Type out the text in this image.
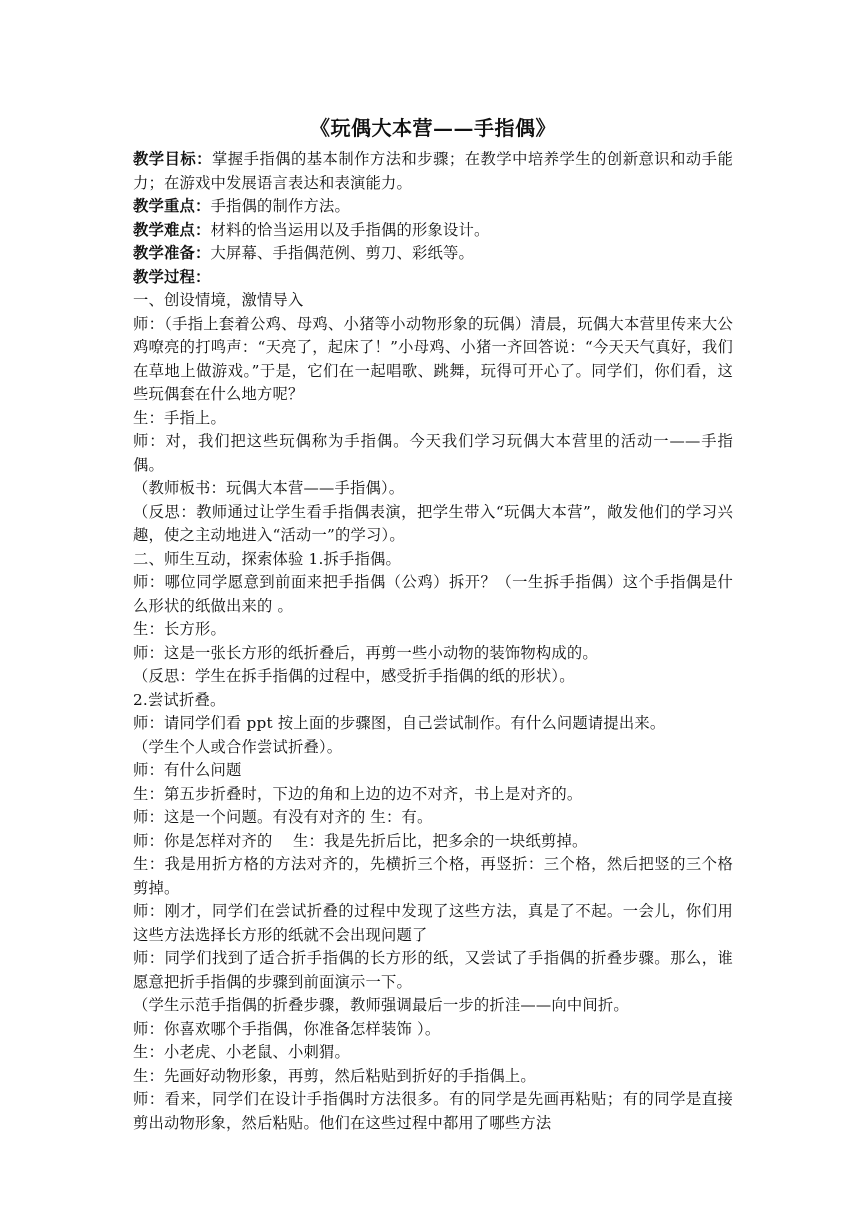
《玩偶大本营——手指偶》

教学目标：掌握手指偶的基本制作方法和步骤；在教学中培养学生的创新意识和动手能力；在游戏中发展语言表达和表演能力。

教学重点：手指偶的制作方法。

教学难点：材料的恰当运用以及手指偶的形象设计。

教学准备：大屏幕、手指偶范例、剪刀、彩纸等。

教学过程：

一、创设情境，激情导入

师：（手指上套着公鸡、母鸡、小猪等小动物形象的玩偶）清晨，玩偶大本营里传来大公鸡嘹亮的打鸣声：“天亮了，起床了！”小母鸡、小猪一齐回答说：“今天天气真好，我们在草地上做游戏。”于是，它们在一起唱歌、跳舞，玩得可开心了。同学们，你们看，这些玩偶套在什么地方呢？

生：手指上。

师：对，我们把这些玩偶称为手指偶。今天我们学习玩偶大本营里的活动一——手指偶。

（教师板书：玩偶大本营——手指偶）。

（反思：教师通过让学生看手指偶表演，把学生带入“玩偶大本营”，敞发他们的学习兴趣，使之主动地进入“活动一”的学习）。

二、师生互动，探索体验 1.拆手指偶。

师：哪位同学愿意到前面来把手指偶（公鸡）拆开？（一生拆手指偶）这个手指偶是什么形状的纸做出来的 。

生：长方形。

师：这是一张长方形的纸折叠后，再剪一些小动物的装饰物构成的。

（反思：学生在拆手指偶的过程中，感受折手指偶的纸的形状）。

2.尝试折叠。

师：请同学们看 ppt 按上面的步骤图，自己尝试制作。有什么问题请提出来。

（学生个人或合作尝试折叠）。

师：有什么问题

生：第五步折叠时，下边的角和上边的边不对齐，书上是对齐的。

师：这是一个问题。有没有对齐的 生：有。

师：你是怎样对齐的　 生：我是先折后比，把多余的一块纸剪掉。

生：我是用折方格的方法对齐的，先横折三个格，再竖折：三个格，然后把竖的三个格剪掉。

师：刚才，同学们在尝试折叠的过程中发现了这些方法，真是了不起。一会儿，你们用这些方法选择长方形的纸就不会出现问题了

师：同学们找到了适合折手指偶的长方形的纸，又尝试了手指偶的折叠步骤。那么，谁愿意把折手指偶的步骤到前面演示一下。

（学生示范手指偶的折叠步骤，教师强调最后一步的折洼——向中间折。

师：你喜欢哪个手指偶，你准备怎样装饰 ）。

生：小老虎、小老鼠、小刺猬。

生：先画好动物形象，再剪，然后粘贴到折好的手指偶上。

师：看来，同学们在设计手指偶时方法很多。有的同学是先画再粘贴；有的同学是直接剪出动物形象，然后粘贴。他们在这些过程中都用了哪些方法
